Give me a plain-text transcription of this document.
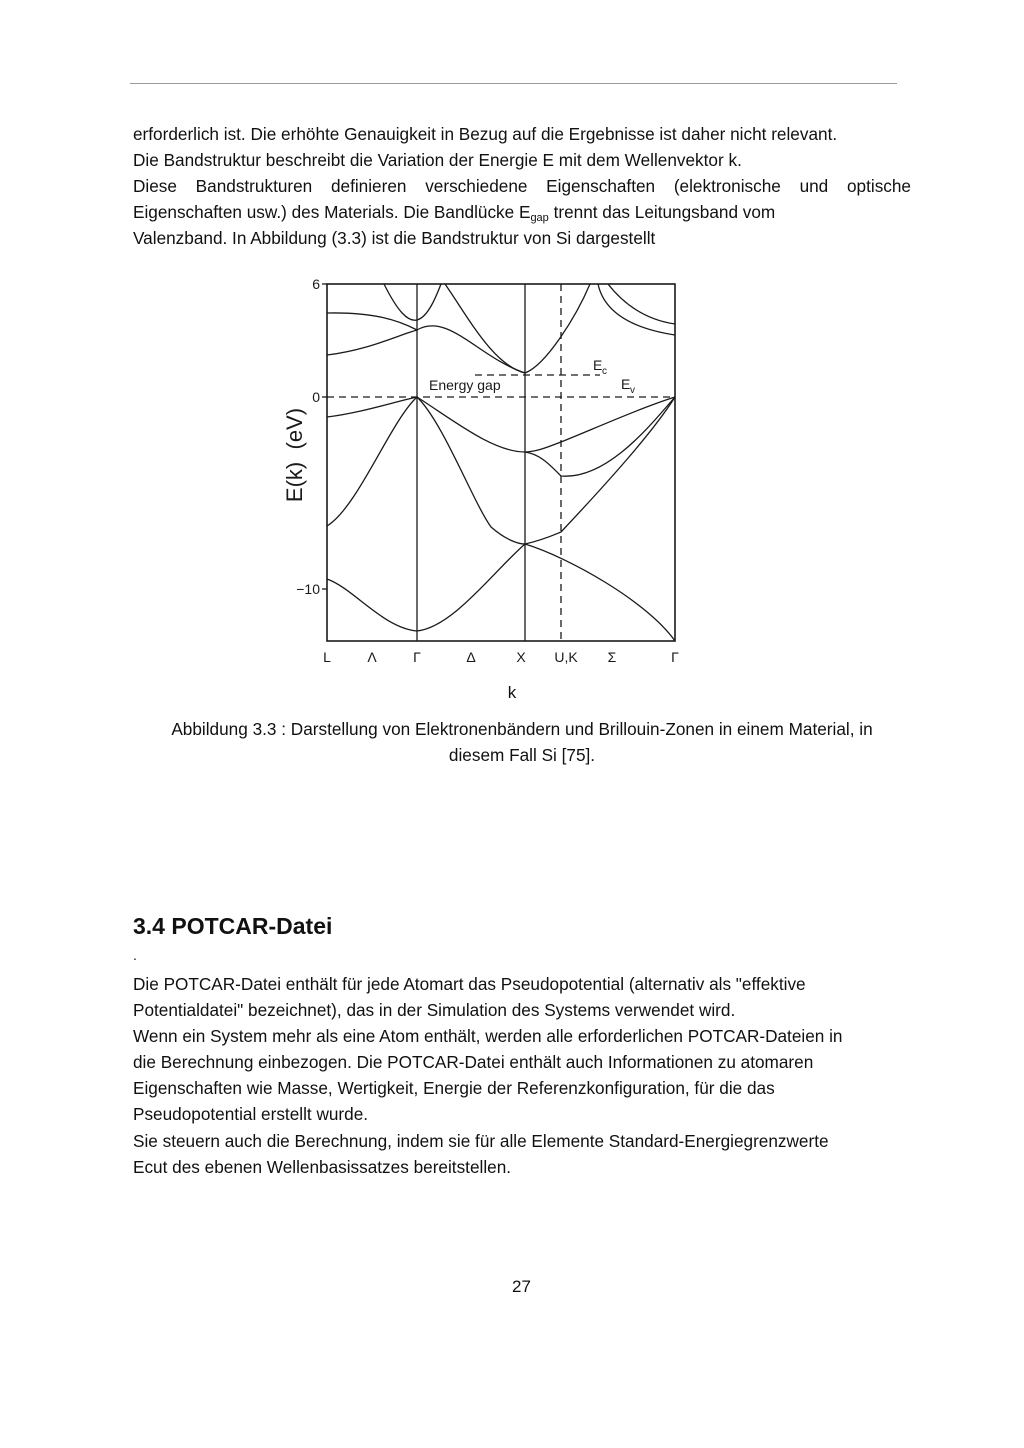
erforderlich ist. Die erhöhte Genauigkeit in Bezug auf die Ergebnisse ist daher nicht relevant.

Die Bandstruktur beschreibt die Variation der Energie E mit dem Wellenvektor k.

Diese Bandstrukturen definieren verschiedene Eigenschaften (elektronische und optische Eigenschaften usw.) des Materials. Die Bandlücke $E_{gap}$ trennt das Leitungsband vom

Valenzband. In Abbildung (3.3) ist die Bandstruktur von Si dargestellt

6
0
−10
E(k)  (eV)
L	Λ	Γ	Δ	X U,K Σ	Γ
Energy gap
E c
E v
k
Abbildung 3.3 : Darstellung von Elektronenbändern und Brillouin-Zonen in einem Material, in
diesem Fall Si [75].
3.4 POTCAR-Datei
.

Die POTCAR-Datei enthält für jede Atomart das Pseudopotential (alternativ als "effektive

Potentialdatei" bezeichnet), das in der Simulation des Systems verwendet wird.

Wenn ein System mehr als eine Atom enthält, werden alle erforderlichen POTCAR-Dateien in

die Berechnung einbezogen. Die POTCAR-Datei enthält auch Informationen zu atomaren

Eigenschaften wie Masse, Wertigkeit, Energie der Referenzkonfiguration, für die das

Pseudopotential erstellt wurde.

Sie steuern auch die Berechnung, indem sie für alle Elemente Standard-Energiegrenzwerte

Ecut des ebenen Wellenbasissatzes bereitstellen.

27
